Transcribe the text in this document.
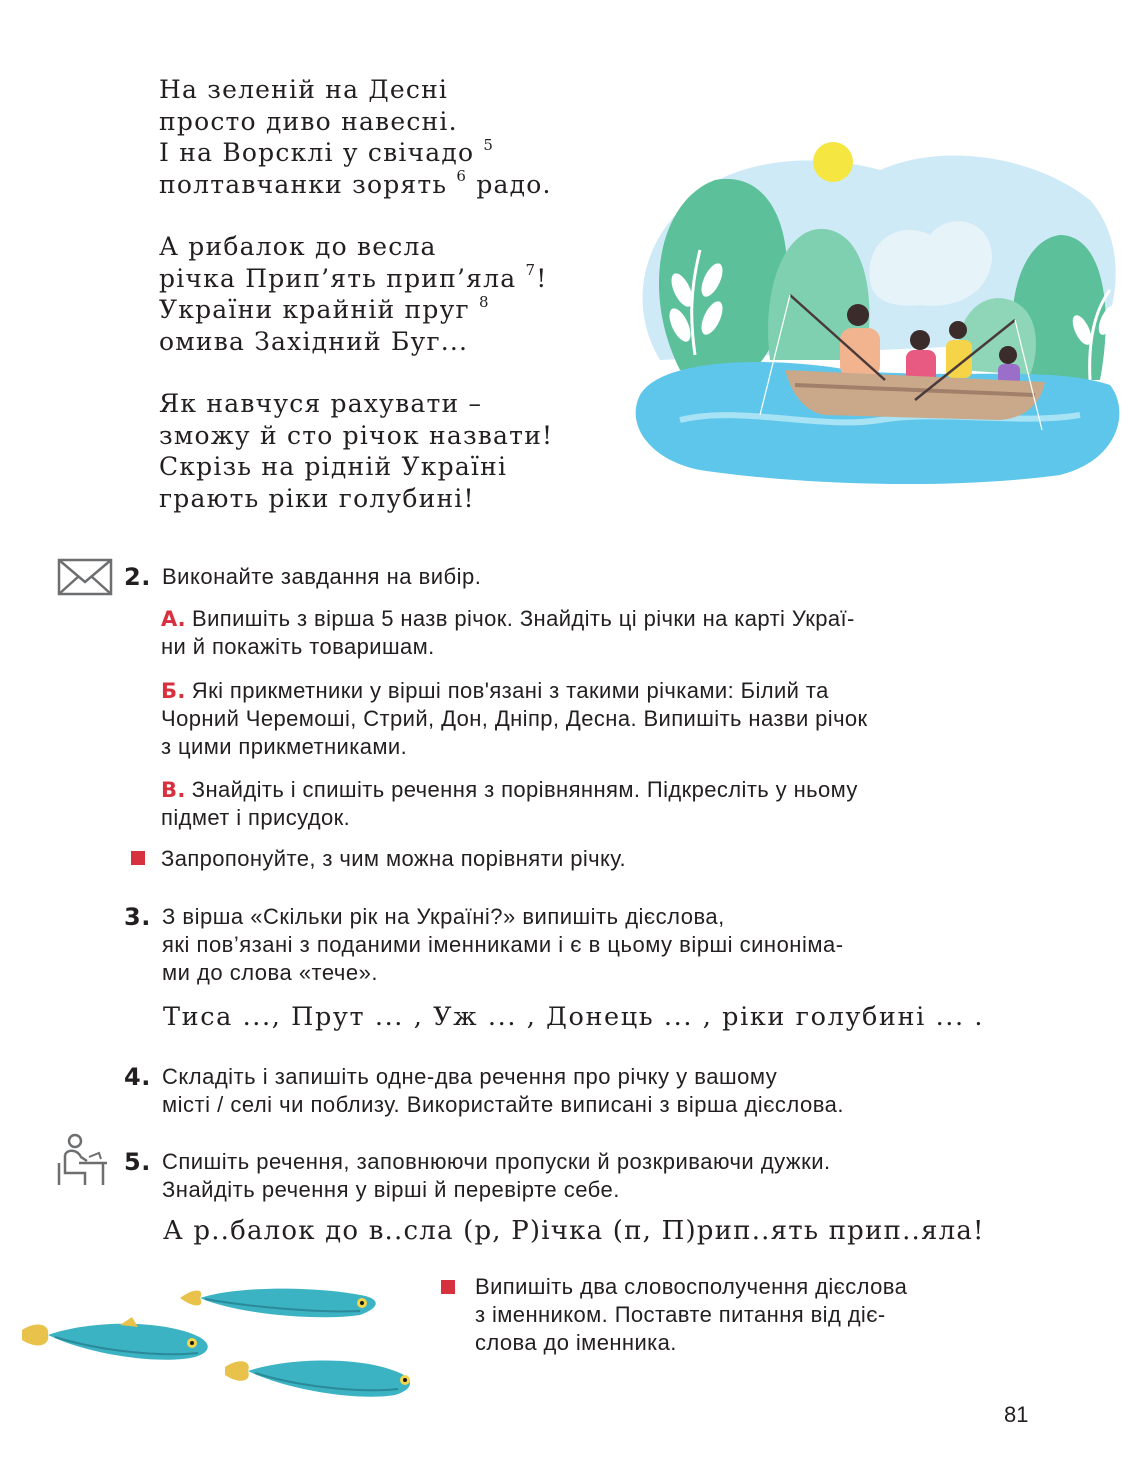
На зеленій на Десні
просто диво навесні.
І на Ворсклі у свічадо $^5$
полтавчанки зорять $^6$ радо.
А рибалок до весла
річка Прип’ять прип’яла $^7$!
України крайній пруг $^8$
омива Західний Буг...
Як навчуся рахувати –
зможу й сто річок назвати!
Скрізь на рідній Україні
грають ріки голубині!
2. Виконайте завдання на вибір.
А. Випишіть з вірша 5 назв річок. Знайдіть ці річки на карті Украї-
ни й покажіть товаришам.
Б. Які прикметники у вірші пов'язані з такими річками: Білий та
Чорний Черемоші, Стрий, Дон, Дніпр, Десна. Випишіть назви річок
з цими прикметниками.
В. Знайдіть і спишіть речення з порівнянням. Підкресліть у ньому
підмет і присудок.
Запропонуйте, з чим можна порівняти річку.
3. З вірша «Скільки рік на Україні?» випишіть дієслова,
які пов’язані з поданими іменниками і є в цьому вірші синоніма-
ми до слова «тече».
Тиса ..., Прут ... , Уж ... , Донець ... , ріки голубині ... .
4. Складіть і запишіть одне-два речення про річку у вашому
місті / селі чи поблизу. Використайте виписані з вірша дієслова.
5. Спишіть речення, заповнюючи пропуски й розкриваючи дужки.
Знайдіть речення у вірші й перевірте себе.
А р..балок до в..сла (р, Р)ічка (п, П)рип..ять прип..яла!
Випишіть два словосполучення дієслова
з іменником. Поставте питання від діє-
слова до іменника.
81
